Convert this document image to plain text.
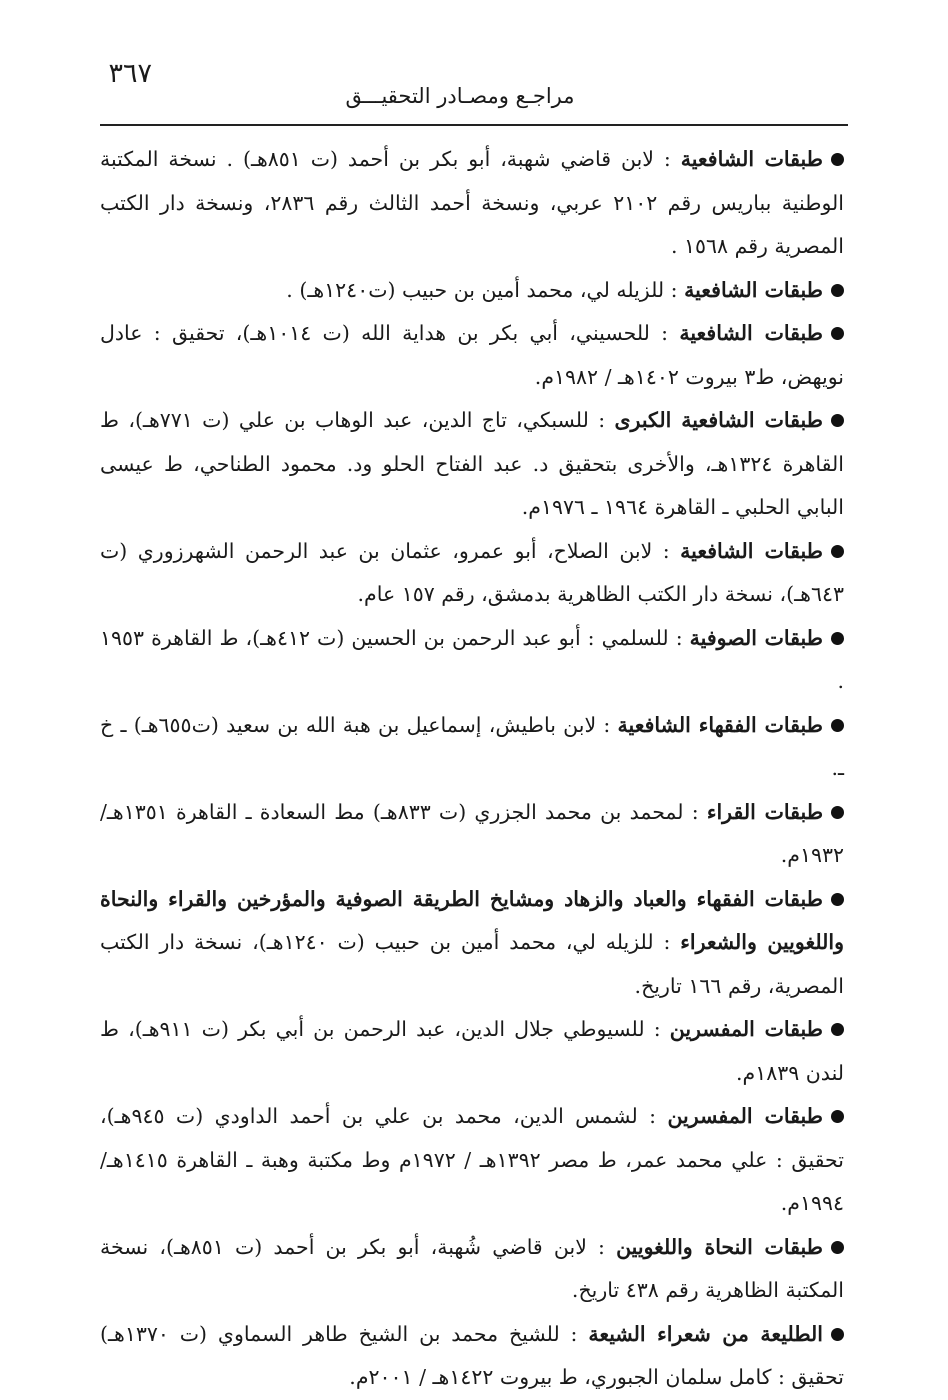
٣٦٧
مراجـع ومصـادر التحقيـــق

طبقات الشافعية : لابن قاضي شهبة، أبو بكر بن أحمد (ت ٨٥١هـ) . نسخة المكتبة الوطنية بباريس رقم ٢١٠٢ عربي، ونسخة أحمد الثالث رقم ٢٨٣٦، ونسخة دار الكتب المصرية رقم ١٥٦٨ .

طبقات الشافعية : للزيله لي، محمد أمين بن حبيب (ت١٢٤٠هـ) .

طبقات الشافعية : للحسيني، أبي بكر بن هداية الله (ت ١٠١٤هـ)، تحقيق : عادل نويهض، ط٣ بيروت ١٤٠٢هـ / ١٩٨٢م.

طبقات الشافعية الكبرى : للسبكي، تاج الدين، عبد الوهاب بن علي (ت ٧٧١هـ)، ط القاهرة ١٣٢٤هـ، والأخرى بتحقيق د. عبد الفتاح الحلو ود. محمود الطناحي، ط عيسى البابي الحلبي ـ القاهرة ١٩٦٤ ـ ١٩٧٦م.

طبقات الشافعية : لابن الصلاح، أبو عمرو، عثمان بن عبد الرحمن الشهرزوري (ت ٦٤٣هـ)، نسخة دار الكتب الظاهرية بدمشق، رقم ١٥٧ عام.

طبقات الصوفية : للسلمي : أبو عبد الرحمن بن الحسين (ت ٤١٢هـ)، ط القاهرة ١٩٥٣ .

طبقات الفقهاء الشافعية : لابن باطيش، إسماعيل بن هبة الله بن سعيد (ت٦٥٥هـ) ـ خ ـ.

طبقات القراء : لمحمد بن محمد الجزري (ت ٨٣٣هـ) مط السعادة ـ القاهرة ١٣٥١هـ/ ١٩٣٢م.

طبقات الفقهاء والعباد والزهاد ومشايخ الطريقة الصوفية والمؤرخين والقراء والنحاة واللغويين والشعراء : للزيله لي، محمد أمين بن حبيب (ت ١٢٤٠هـ)، نسخة دار الكتب المصرية، رقم ١٦٦ تاريخ.

طبقات المفسرين : للسيوطي جلال الدين، عبد الرحمن بن أبي بكر (ت ٩١١هـ)، ط لندن ١٨٣٩م.

طبقات المفسرين : لشمس الدين، محمد بن علي بن أحمد الداودي (ت ٩٤٥هـ)، تحقيق : علي محمد عمر، ط مصر ١٣٩٢هـ / ١٩٧٢م وط مكتبة وهبة ـ القاهرة ١٤١٥هـ/ ١٩٩٤م.

طبقات النحاة واللغويين : لابن قاضي شُهبة، أبو بكر بن أحمد (ت ٨٥١هـ)، نسخة المكتبة الظاهرية رقم ٤٣٨ تاريخ.

الطليعة من شعراء الشيعة : للشيخ محمد بن الشيخ طاهر السماوي (ت ١٣٧٠هـ) تحقيق : كامل سلمان الجبوري، ط بيروت ١٤٢٢هـ / ٢٠٠١م.
